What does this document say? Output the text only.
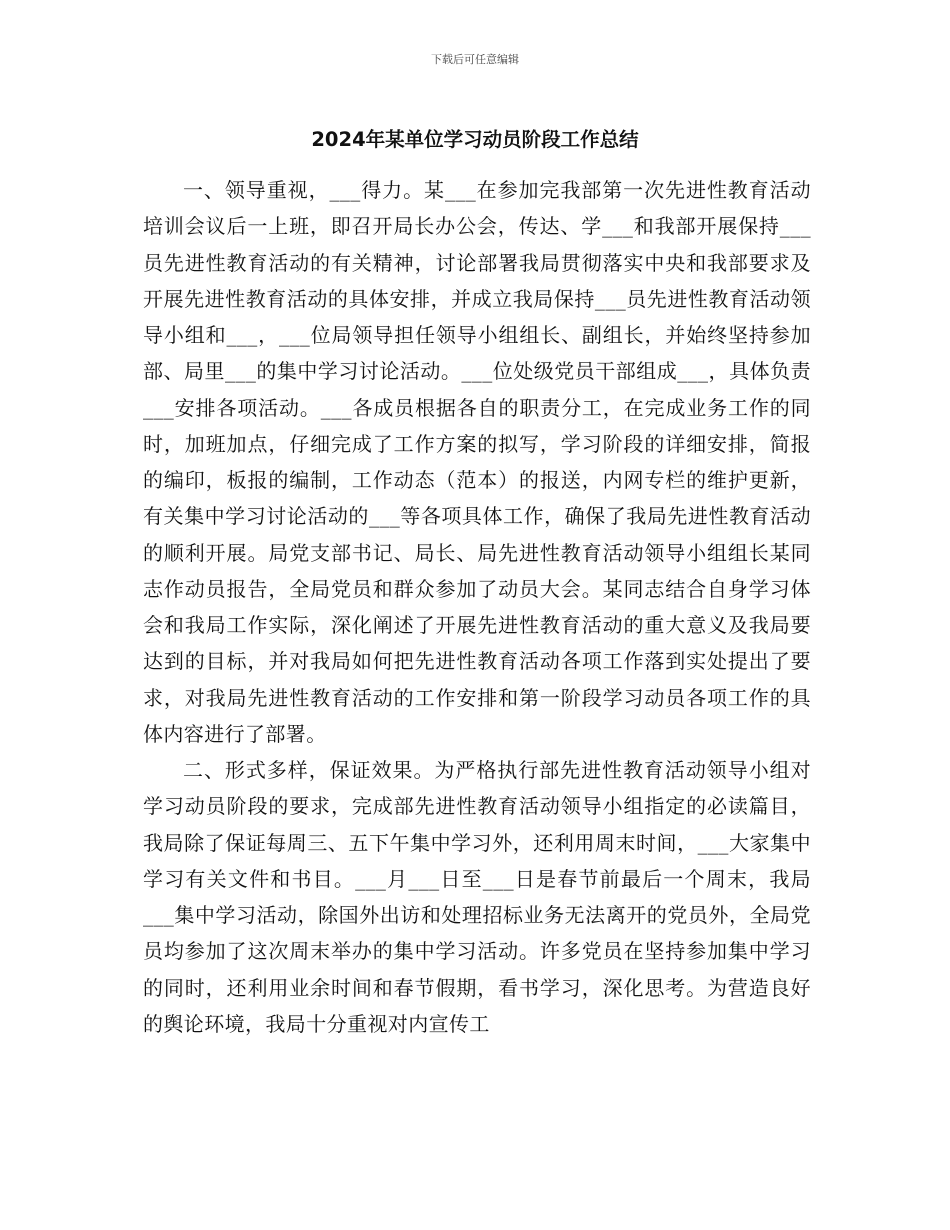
下载后可任意编辑
2024年某单位学习动员阶段工作总结

一、领导重视，___得力。某___在参加完我部第一次先进性教育活动培训会议后一上班，即召开局长办公会，传达、学___和我部开展保持___员先进性教育活动的有关精神，讨论部署我局贯彻落实中央和我部要求及开展先进性教育活动的具体安排，并成立我局保持___员先进性教育活动领导小组和___，___位局领导担任领导小组组长、副组长，并始终坚持参加部、局里___的集中学习讨论活动。___位处级党员干部组成___，具体负责___安排各项活动。___各成员根据各自的职责分工，在完成业务工作的同时，加班加点，仔细完成了工作方案的拟写，学习阶段的详细安排，简报的编印，板报的编制，工作动态（范本）的报送，内网专栏的维护更新，有关集中学习讨论活动的___等各项具体工作，确保了我局先进性教育活动的顺利开展。局党支部书记、局长、局先进性教育活动领导小组组长某同志作动员报告，全局党员和群众参加了动员大会。某同志结合自身学习体会和我局工作实际，深化阐述了开展先进性教育活动的重大意义及我局要达到的目标，并对我局如何把先进性教育活动各项工作落到实处提出了要求，对我局先进性教育活动的工作安排和第一阶段学习动员各项工作的具体内容进行了部署。

二、形式多样，保证效果。为严格执行部先进性教育活动领导小组对学习动员阶段的要求，完成部先进性教育活动领导小组指定的必读篇目，我局除了保证每周三、五下午集中学习外，还利用周末时间，___大家集中学习有关文件和书目。___月___日至___日是春节前最后一个周末，我局___集中学习活动，除国外出访和处理招标业务无法离开的党员外，全局党员均参加了这次周末举办的集中学习活动。许多党员在坚持参加集中学习的同时，还利用业余时间和春节假期，看书学习，深化思考。为营造良好的舆论环境，我局十分重视对内宣传工
